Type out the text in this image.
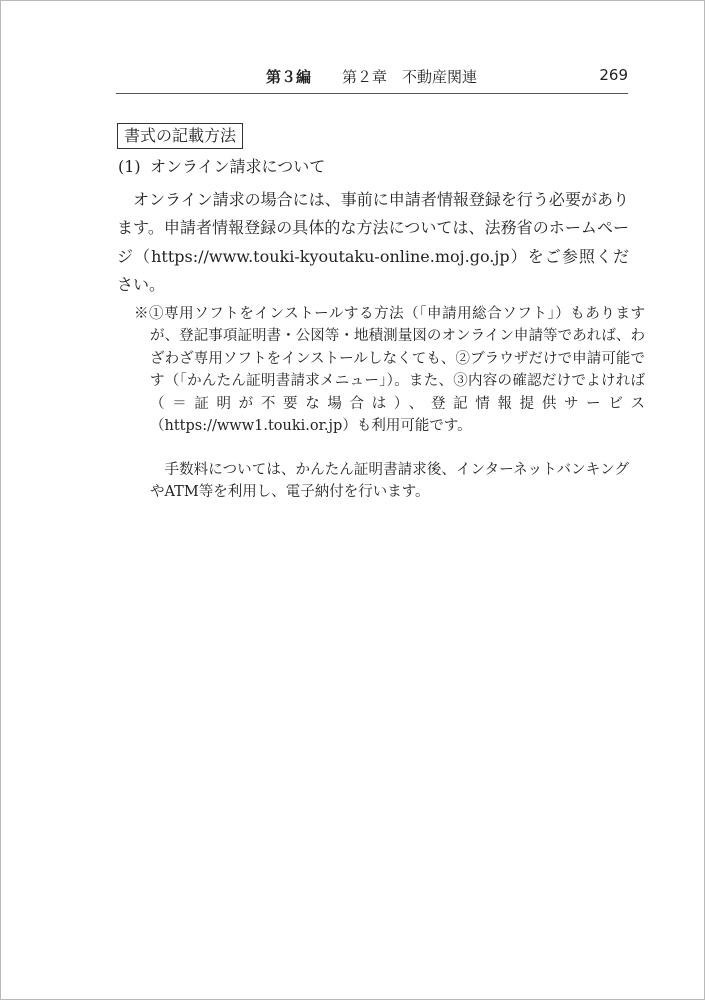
第３編 第２章　不動産関連	269
書式の記載方法
(1) オンライン請求について

オンライン請求の場合には、事前に申請者情報登録を行う必要があります。申請者情報登録の具体的な方法については、法務省のホームページ（https://www.touki-kyoutaku-online.moj.go.jp）をご参照ください。

※①専用ソフトをインストールする方法（「申請用総合ソフト」）もありますが、登記事項証明書・公図等・地積測量図のオンライン申請等であれば、わざわざ専用ソフトをインストールしなくても、②ブラウザだけで申請可能です（「かんたん証明書請求メニュー」）。また、③内容の確認だけでよければ（＝証明が不要な場合は）、登記情報提供サービス（https://www1.touki.or.jp）も利用可能です。

手数料については、かんたん証明書請求後、インターネットバンキングやATM等を利用し、電子納付を行います。
